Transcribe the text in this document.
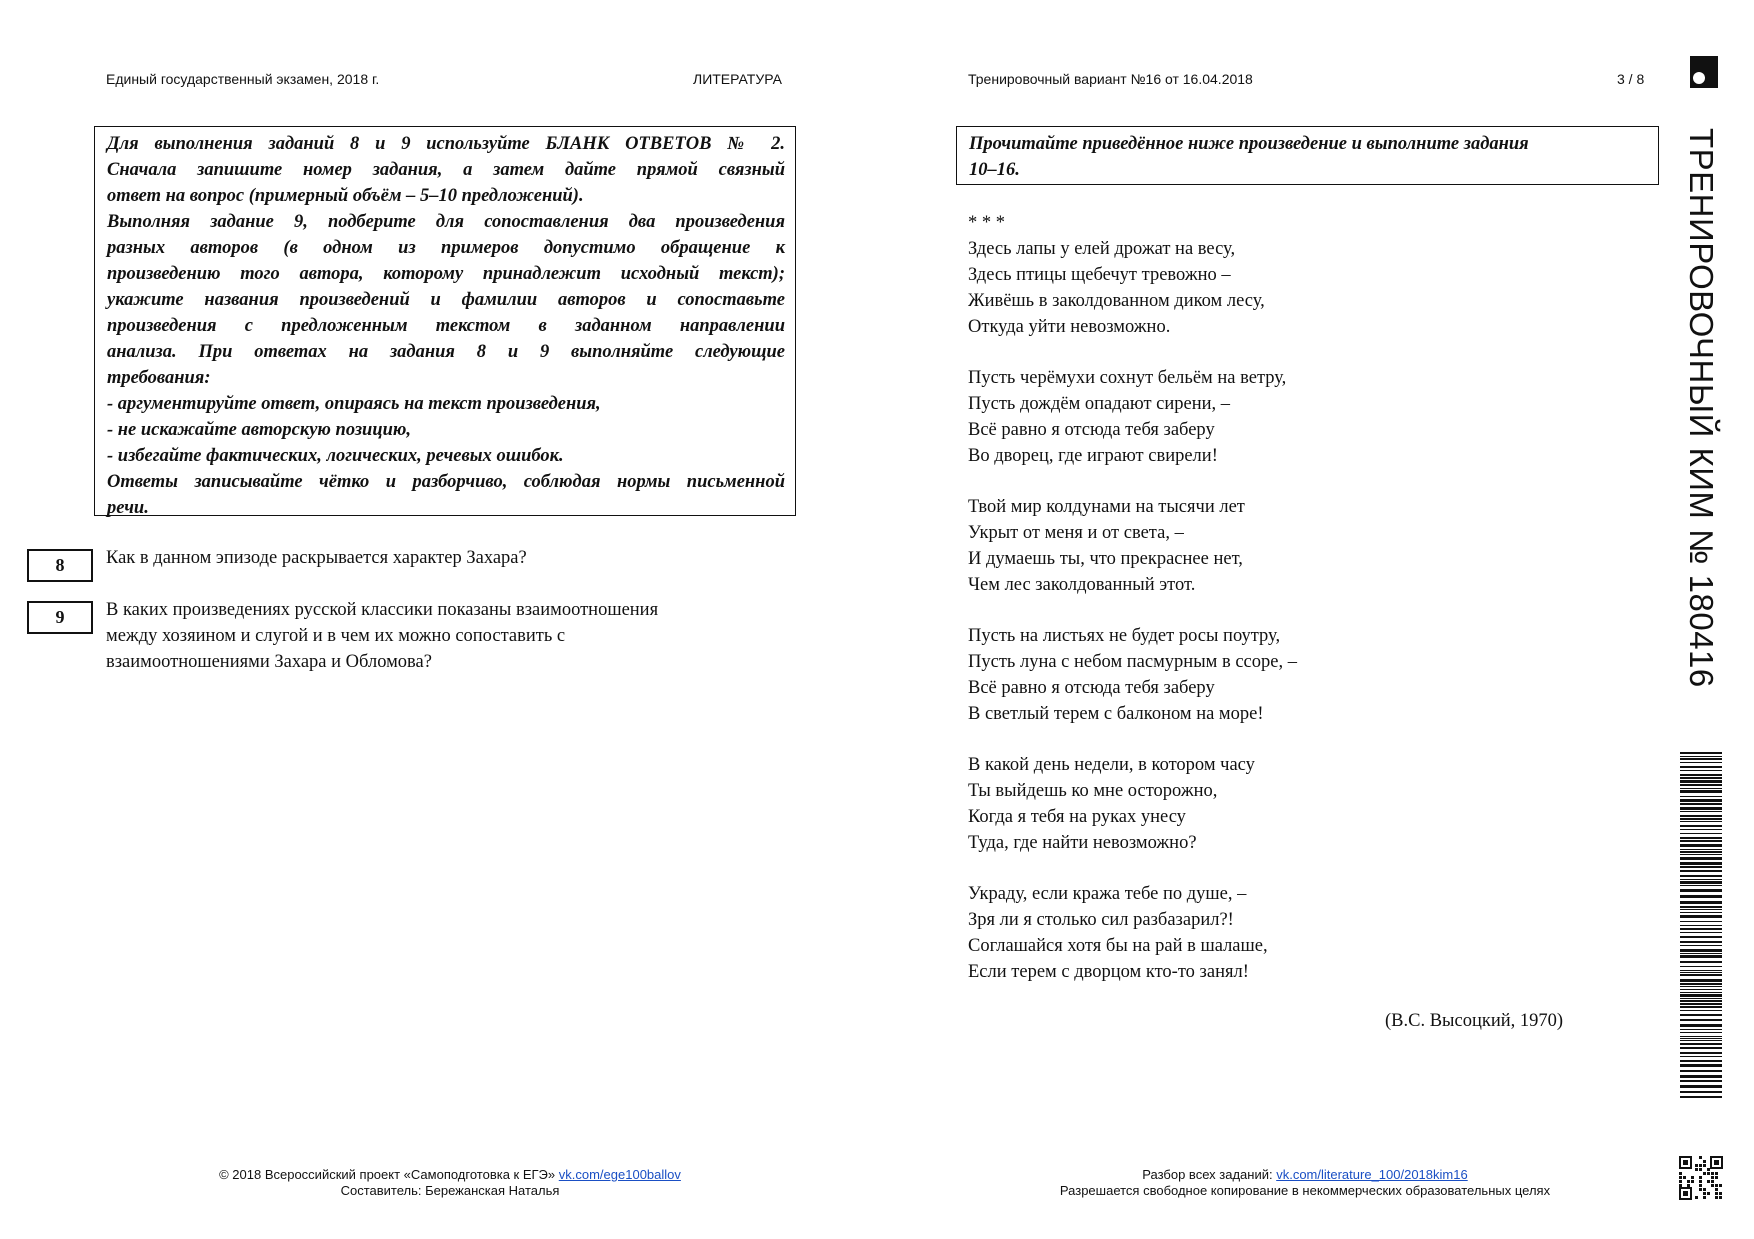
Единый государственный экзамен, 2018 г.	ЛИТЕРАТУРА	Тренировочный вариант №16 от 16.04.2018	3 / 8
Для выполнения заданий 8 и 9 используйте БЛАНК ОТВЕТОВ № 2.
Сначала запишите номер задания, а затем дайте прямой связный
ответ на вопрос (примерный объём – 5–10 предложений).
Выполняя задание 9, подберите для сопоставления два произведения
разных авторов (в одном из примеров допустимо обращение к
произведению того автора, которому принадлежит исходный текст);
укажите названия произведений и фамилии авторов и сопоставьте
произведения с предложенным текстом в заданном направлении
анализа. При ответах на задания 8 и 9 выполняйте следующие
требования:
- аргументируйте ответ, опираясь на текст произведения,
- не искажайте авторскую позицию,
- избегайте фактических, логических, речевых ошибок.
Ответы записывайте чётко и разборчиво, соблюдая нормы письменной
речи.
8	Как в данном эпизоде раскрывается характер Захара?
9	В каких произведениях русской классики показаны взаимоотношения
между хозяином и слугой и в чем их можно сопоставить с
взаимоотношениями Захара и Обломова?
Прочитайте приведённое ниже произведение и выполните задания
10–16.
* * *
Здесь лапы у елей дрожат на весу,
Здесь птицы щебечут тревожно –
Живёшь в заколдованном диком лесу,
Откуда уйти невозможно.
Пусть черёмухи сохнут бельём на ветру,
Пусть дождём опадают сирени, –
Всё равно я отсюда тебя заберу
Во дворец, где играют свирели!
Твой мир колдунами на тысячи лет
Укрыт от меня и от света, –
И думаешь ты, что прекраснее нет,
Чем лес заколдованный этот.
Пусть на листьях не будет росы поутру,
Пусть луна с небом пасмурным в ссоре, –
Всё равно я отсюда тебя заберу
В светлый терем с балконом на море!
В какой день недели, в котором часу
Ты выйдешь ко мне осторожно,
Когда я тебя на руках унесу
Туда, где найти невозможно?
Украду, если кража тебе по душе, –
Зря ли я столько сил разбазарил?!
Соглашайся хотя бы на рай в шалаше,
Если терем с дворцом кто-то занял!
(В.С. Высоцкий, 1970)
© 2018 Всероссийский проект «Самоподготовка к ЕГЭ» vk.com/ege100ballov
Составитель: Бережанская Наталья
Разбор всех заданий: vk.com/literature_100/2018kim16
Разрешается свободное копирование в некоммерческих образовательных целях
ТРЕНИРОВОЧНЫЙ КИМ № 180416
